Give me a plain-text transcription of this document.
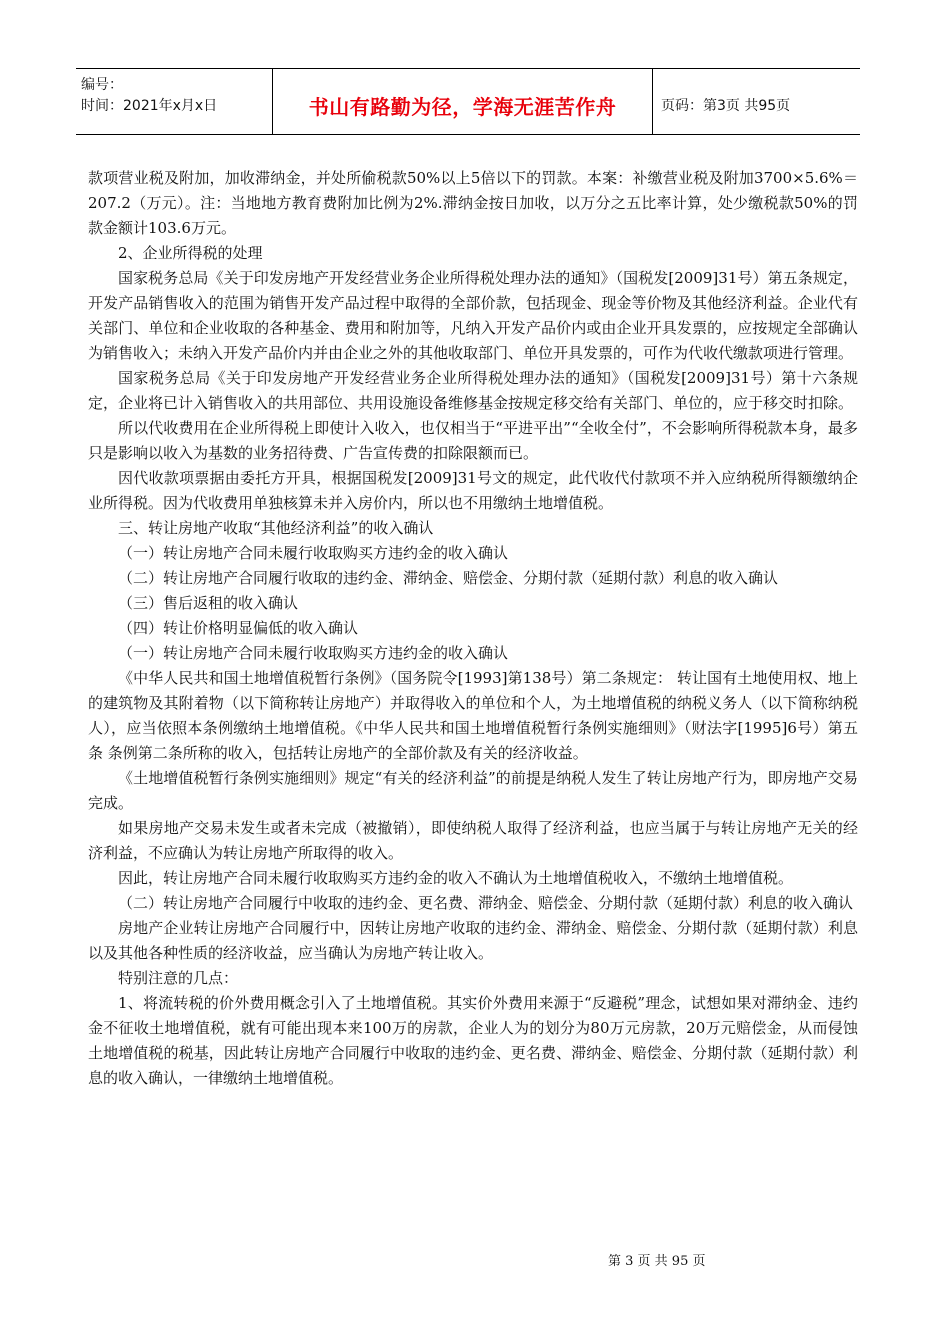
编号：
时间：2021年x月x日	书山有路勤为径，学海无涯苦作舟	页码：第3页 共95页

款项营业税及附加，加收滞纳金，并处所偷税款50%以上5倍以下的罚款。本案：补缴营业税及附加3700×5.6%＝207.2（万元）。注：当地地方教育费附加比例为2%.滞纳金按日加收，以万分之五比率计算，处少缴税款50%的罚款金额计103.6万元。

2、企业所得税的处理

国家税务总局《关于印发房地产开发经营业务企业所得税处理办法的通知》（国税发[2009]31号）第五条规定，开发产品销售收入的范围为销售开发产品过程中取得的全部价款，包括现金、现金等价物及其他经济利益。企业代有关部门、单位和企业收取的各种基金、费用和附加等，凡纳入开发产品价内或由企业开具发票的，应按规定全部确认为销售收入；未纳入开发产品价内并由企业之外的其他收取部门、单位开具发票的，可作为代收代缴款项进行管理。

国家税务总局《关于印发房地产开发经营业务企业所得税处理办法的通知》（国税发[2009]31号）第十六条规定，企业将已计入销售收入的共用部位、共用设施设备维修基金按规定移交给有关部门、单位的，应于移交时扣除。

所以代收费用在企业所得税上即使计入收入，也仅相当于“平进平出”“全收全付”，不会影响所得税款本身，最多只是影响以收入为基数的业务招待费、广告宣传费的扣除限额而已。

因代收款项票据由委托方开具，根据国税发[2009]31号文的规定，此代收代付款项不并入应纳税所得额缴纳企业所得税。因为代收费用单独核算未并入房价内，所以也不用缴纳土地增值税。

三、转让房地产收取“其他经济利益”的收入确认

（一）转让房地产合同未履行收取购买方违约金的收入确认

（二）转让房地产合同履行收取的违约金、滞纳金、赔偿金、分期付款（延期付款）利息的收入确认

（三）售后返租的收入确认

（四）转让价格明显偏低的收入确认

（一）转让房地产合同未履行收取购买方违约金的收入确认

《中华人民共和国土地增值税暂行条例》（国务院令[1993]第138号）第二条规定： 转让国有土地使用权、地上的建筑物及其附着物（以下简称转让房地产）并取得收入的单位和个人，为土地增值税的纳税义务人（以下简称纳税人），应当依照本条例缴纳土地增值税。《中华人民共和国土地增值税暂行条例实施细则》（财法字[1995]6号）第五条 条例第二条所称的收入，包括转让房地产的全部价款及有关的经济收益。

《土地增值税暂行条例实施细则》规定“有关的经济利益”的前提是纳税人发生了转让房地产行为，即房地产交易完成。

如果房地产交易未发生或者未完成（被撤销），即使纳税人取得了经济利益，也应当属于与转让房地产无关的经济利益，不应确认为转让房地产所取得的收入。

因此，转让房地产合同未履行收取购买方违约金的收入不确认为土地增值税收入，不缴纳土地增值税。

（二）转让房地产合同履行中收取的违约金、更名费、滞纳金、赔偿金、分期付款（延期付款）利息的收入确认

房地产企业转让房地产合同履行中，因转让房地产收取的违约金、滞纳金、赔偿金、分期付款（延期付款）利息以及其他各种性质的经济收益，应当确认为房地产转让收入。

特别注意的几点：

1、将流转税的价外费用概念引入了土地增值税。其实价外费用来源于“反避税”理念，试想如果对滞纳金、违约金不征收土地增值税，就有可能出现本来100万的房款，企业人为的划分为80万元房款，20万元赔偿金，从而侵蚀土地增值税的税基，因此转让房地产合同履行中收取的违约金、更名费、滞纳金、赔偿金、分期付款（延期付款）利息的收入确认，一律缴纳土地增值税。

第 3 页 共 95 页
